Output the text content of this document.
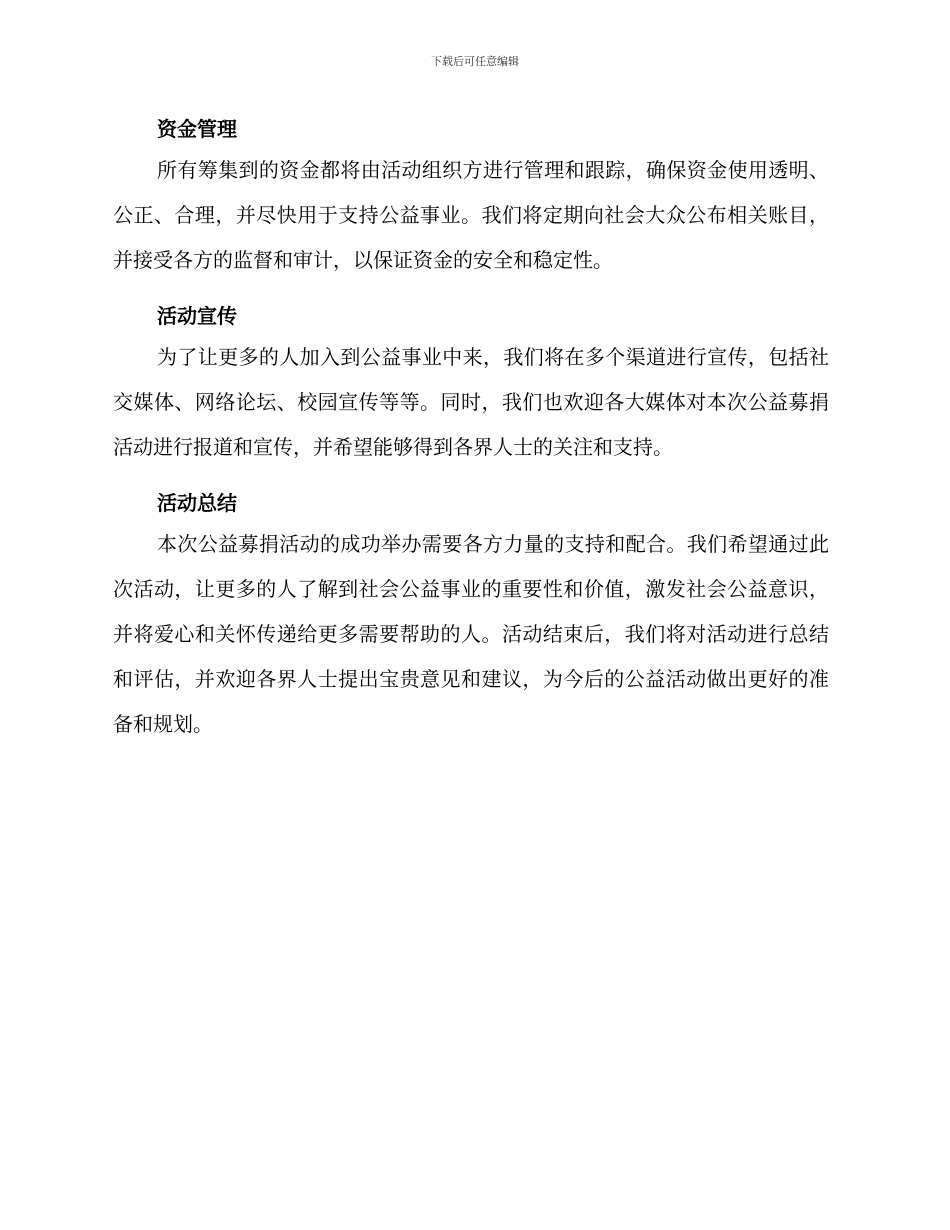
下载后可任意编辑
资金管理

所有筹集到的资金都将由活动组织方进行管理和跟踪，确保资金使用透明、公正、合理，并尽快用于支持公益事业。我们将定期向社会大众公布相关账目，并接受各方的监督和审计，以保证资金的安全和稳定性。

活动宣传

为了让更多的人加入到公益事业中来，我们将在多个渠道进行宣传，包括社交媒体、网络论坛、校园宣传等等。同时，我们也欢迎各大媒体对本次公益募捐活动进行报道和宣传，并希望能够得到各界人士的关注和支持。

活动总结

本次公益募捐活动的成功举办需要各方力量的支持和配合。我们希望通过此次活动，让更多的人了解到社会公益事业的重要性和价值，激发社会公益意识，并将爱心和关怀传递给更多需要帮助的人。活动结束后，我们将对活动进行总结和评估，并欢迎各界人士提出宝贵意见和建议，为今后的公益活动做出更好的准备和规划。
